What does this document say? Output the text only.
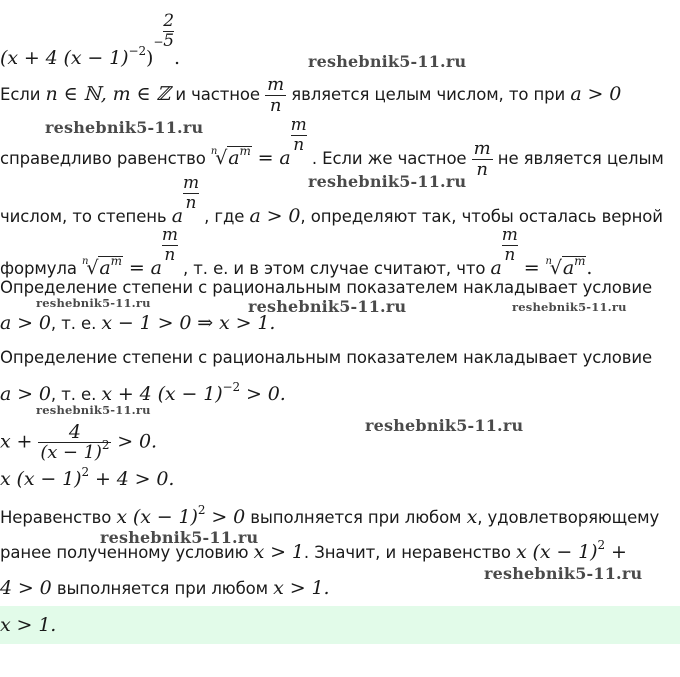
(x + 4 $(x - 1)^{-2})^- \frac{2}{5}$
.
Если n ∈ ℕ, m ∈ ℤ и частное $\frac{m}{n}$ является целым числом, то при a > 0
справедливо равенство $^n√a^m = a$
$\frac{m}{n}$
. Если же частное $\frac{m}{n}$ не является целым
числом, то степень a
$\frac{m}{n}$
, где a > 0, определяют так, чтобы осталась верной
формула $^n√a^m = a$
$\frac{m}{n}$
, т. е. и в этом случае считают, что a
$\frac{m}{n}$
= $^n√a^m$.
Определение степени с рациональным показателем накладывает условие
a > 0, т. е. x − 1 > 0 ⇒ x > 1.
Определение степени с рациональным показателем накладывает условие
a > 0, т. е. x + 4 $(x - 1)^{-2} > 0$.
$x + \frac{4}{(x - 1)^2} > 0$.
x $(x - 1)^2 + 4 > 0$.
Неравенство x $(x - 1)^2 > 0$ выполняется при любом x, удовлетворяющему
ранее полученному условию x > 1. Значит, и неравенство x $(x - 1)^2$ +
4 > 0 выполняется при любом x > 1.
x > 1.
reshebnik5-11.ru
reshebnik5-11.ru
reshebnik5-11.ru
reshebnik5-11.ru	reshebnik5-11.ru	reshebnik5-11.ru
reshebnik5-11.ru
reshebnik5-11.ru
reshebnik5-11.ru
reshebnik5-11.ru
